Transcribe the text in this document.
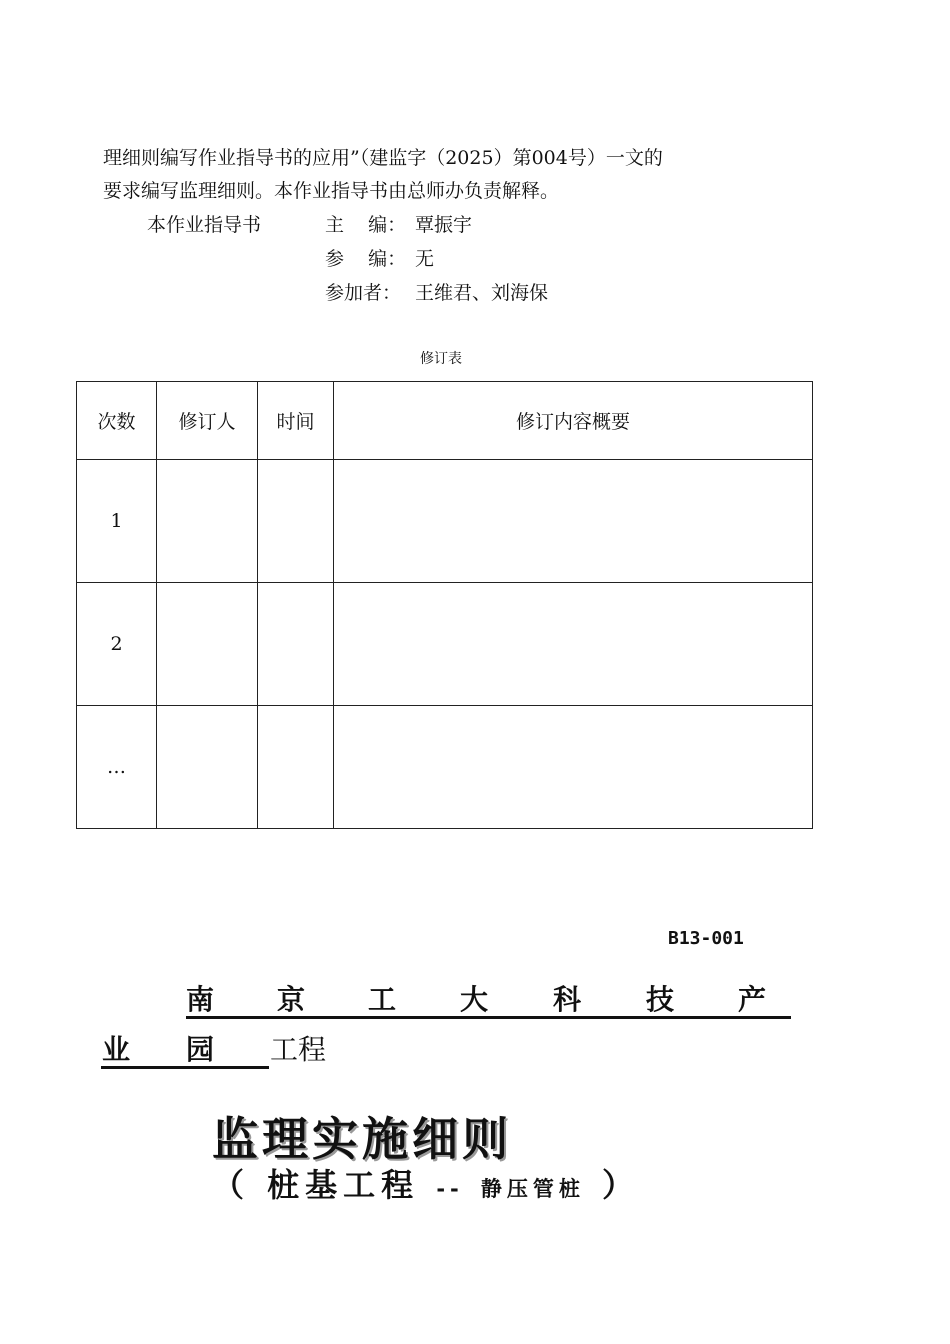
理细则编写作业指导书的应用”（建监字（2025）第004号）一文的
要求编写监理细则。本作业指导书由总师办负责解释。
本作业指导书	主    编： 覃振宇
参    编： 无
参加者： 王维君、刘海保
修订表
次数	修订人	时间	修订内容概要
1			
2			
…			
B13-001
南 京 工 大 科 技 产
业 园 工程
监理实施细则
（ 桩基工程 -- 静压管桩 ）
